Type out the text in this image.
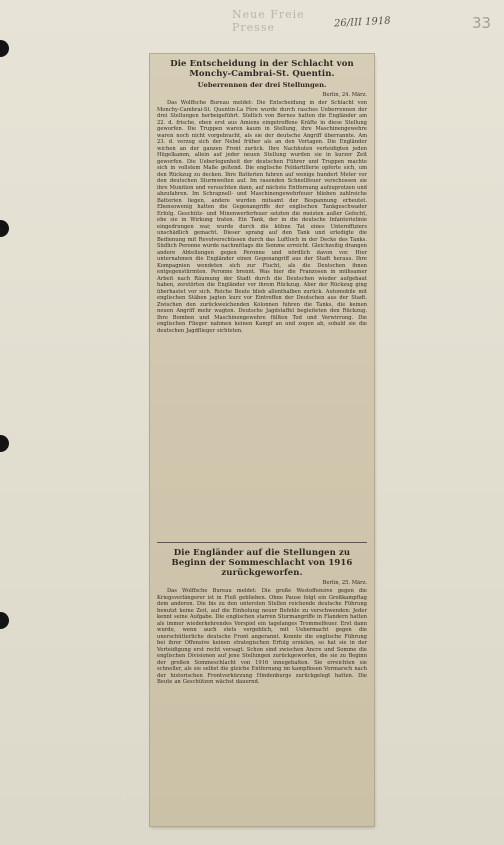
Neue Freie Presse	26/III 1918	33

Die Entscheidung in der Schlacht von Monchy-Cambrai-St. Quentin.

Ueberrennen der drei Stellungen.

Berlin, 24. März.

Das Wolffsche Bureau meldet: Die Entscheidung in der Schlacht von Monchy-Cambrai-St. Quentin-La Fère wurde durch rasches Ueberrennen der drei Stellungen herbeigeführt. Südlich von Bernes hatten die Engländer am 22. d. frische, eben erst aus Amiens eingetroffene Kräfte in diese Stellung geworfen. Die Truppen waren kaum in Stellung, ihre Maschinengewehre waren noch nicht vorgebracht, als sie der deutsche Angriff überrannte. Am 23. d. verzog sich der Nebel früher als an den Vortagen. Die Engländer wichen an der ganzen Front zurück. Ihre Nachhuten verteidigten jeden Hügelkamm, allein auf jeder neuen Stellung wurden sie in kurzer Zeit geworfen. Die Ueberlegenheit der deutschen Führer und Truppen machte sich in vollstem Maße geltend. Die englische Feldartillerie opferte sich, um den Rückzug zu decken. Ihre Batterien fuhren auf wenige hundert Meter vor den deutschen Sturmwellen auf. Im rasenden Schnellfeuer verschossen sie ihre Munition und versuchten dann, auf nächste Entfernung aufzuprotzen und abzufahren. Im Schrapnell- und Maschinengewehrfeuer blieben zahlreiche Batterien liegen, andere wurden mitsamt der Bespannung erbeutet. Ebensowenig hatten die Gegenangriffe der englischen Tankgeschwader Erfolg. Geschütz- und Minenwerferfeuer setzten die meisten außer Gefecht, ehe sie in Wirkung traten. Ein Tank, der in die deutsche Infanterielinie eingedrungen war, wurde durch die kühne Tat eines Unteroffiziers unschädlich gemacht. Dieser sprang auf den Tank und erledigte die Bedienung mit Revolverschüssen durch das Luftloch in der Decke des Tanks. Südlich Peronne wurde nachmittags die Somme erreicht. Gleichzeitig drangen andere Abteilungen gegen Peronne und nördlich davon vor. Hier unternahmen die Engländer einen Gegenangriff aus der Stadt heraus. Ihre Kompagnien wendeten sich zur Flucht, als die Deutschen ihnen entgegenstürmten. Peronne brennt. Was hier die Franzosen in mühsamer Arbeit nach Räumung der Stadt durch die Deutschen wieder aufgebaut haben, zerstörten die Engländer vor ihrem Rückzug. Aber der Rückzug ging überhastet vor sich. Reiche Beute blieb allenthalben zurück. Automobile mit englischen Stäben jagten kurz vor Eintreffen der Deutschen aus der Stadt. Zwischen den zurückweichenden Kolonnen fuhren die Tanks, die keinen neuen Angriff mehr wagten. Deutsche Jagdstaffel begleiteten den Rückzug. Ihre Bomben und Maschinengewehre füllten Tod und Verwirrung. Die englischen Flieger nahmen keinen Kampf an und zogen ab, sobald sie die deutschen Jagdflieger sichteten.

Die Engländer auf die Stellungen zu Beginn der Sommeschlacht von 1916 zurückgeworfen.

Berlin, 25. März.

Das Wolffsche Bureau meldet: Die große Westoffensive gegen die Kriegsverlängerer ist in Fluß geblieben. Ohne Pause folgt ein Großkampftag dem anderen. Die bis zu den untersten Stellen reichende deutsche Führung benutzt keine Zeit, auf die Einholung neuer Befehle zu verschwenden: Jeder kennt seine Aufgabe. Die englischen starren Sturmangriffe in Flandern hatten als immer wiederkehrendes Vorspiel ein tagelanges Trommelfeuer. Erst dann wurde, wenn auch stets vergeblich, mit Uebermacht gegen die unerschütterliche deutsche Front angerannt. Konnte die englische Führung bei ihrer Offensive keinen strategischen Erfolg erzielen, so hat sie in der Verteidigung erst recht versagt. Schon sind zwischen Ancre und Somme die englischen Divisionen auf jene Stellungen zurückgeworfen, die sie zu Beginn der großen Sommeschlacht von 1916 innegehalten. Sie erreichten sie schneller, als sie selbst die gleiche Entfernung im kampflosen Vormarsch nach der historischen Frontverkürzung Hindenburgs zurückgelegt hatten. Die Beute an Geschützen wächst dauernd.
